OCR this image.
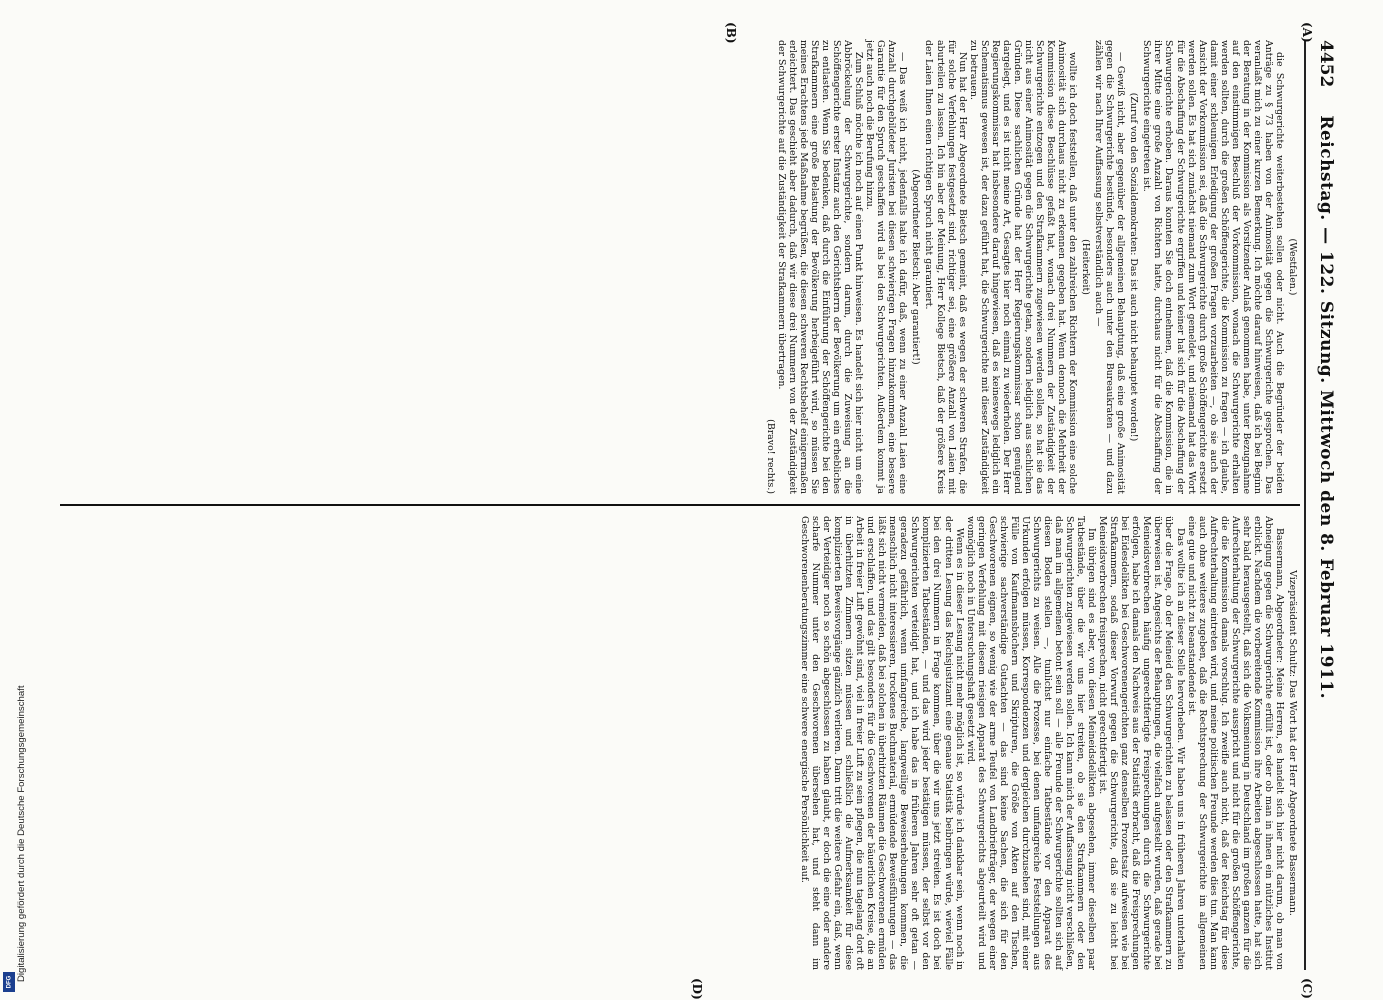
4452
Reichstag. — 122. Sitzung. Mittwoch den 8. Februar 1911.
(A)
(B)
(C)
(D)

(Westfalen.)

die Schwurgerichte weiterbestehen sollen oder nicht. Auch die Begründer der beiden Anträge zu § 73 haben von der Animosität gegen die Schwurgerichte gesprochen. Das veranlaßt mich zu einer kurzen Bemerkung. Ich möchte darauf hinweisen, daß ich bei Beginn der Beratung in der Kommission als Vorsitzender Anlaß genommen habe, unter Bezugnahme auf den einstimmigen Beschluß der Vorkommission, wonach die Schwurgerichte erhalten werden sollten, durch die großen Schöffengerichte, die Kommission zu fragen — ich glaube, damit einer schleunigen Erledigung der großen Fragen vorzuarbeiten —, ob sie auch der Ansicht der Vorkommission sei, daß die Schwurgerichte durch große Schöffengerichte ersetzt werden sollen. Es hat sich zunächst niemand zum Wort gemeldet, und niemand hat das Wort für die Abschaffung der Schwurgerichte ergriffen und keiner hat sich für die Abschaffung der Schwurgerichte erhoben. Daraus konnten Sie doch entnehmen, daß die Kommission, die in ihrer Mitte eine große Anzahl von Richtern hatte, durchaus nicht für die Abschaffung der Schwurgerichte eingetreten ist.

(Zuruf von den Sozialdemokraten: Das ist auch nicht behauptet worden!)

— Gewiß nicht, aber gegenüber der allgemeinen Behauptung, daß eine große Animosität gegen die Schwurgerichte bestünde, besonders auch unter den Bureaukraten — und dazu zählen wir nach Ihrer Auffassung selbstverständlich auch —

(Heiterkeit)

wollte ich doch feststellen, daß unter den zahlreichen Richtern der Kommission eine solche Animosität sich durchaus nicht zu erkennen gegeben hat. Wenn dennoch die Mehrheit der Kommission diese Beschlüsse gefaßt hat, wonach drei Nummern der Zuständigkeit der Schwurgerichte entzogen und den Strafkammern zugewiesen werden sollen, so hat sie das nicht aus einer Animosität gegen die Schwurgerichte getan, sondern lediglich aus sachlichen Gründen. Diese sachlichen Gründe hat der Herr Regierungskommissar schon genügend dargelegt, und es ist nicht meine Art, Gesagtes hier noch einmal zu wiederholen. Der Herr Regierungskommissar hat insbesondere darauf hingewiesen, daß es keineswegs lediglich ein Schematismus gewesen ist, der dazu geführt hat, die Schwurgerichte mit dieser Zuständigkeit zu betrauen.

Nun hat der Herr Abgeordnete Bietsch gemeint, daß es wegen der schweren Strafen, die für solche Verfehlungen festgesetzt sind, richtiger sei, eine größere Anzahl von Laien mit aburteilen zu lassen. Ich bin aber der Meinung, Herr Kollege Bietsch, daß der größere Kreis der Laien Ihnen einen richtigen Spruch nicht garantiert.

(Abgeordneter Bietsch: Aber garantiert!)

— Das weiß ich nicht, jedenfalls halte ich dafür, daß, wenn zu einer Anzahl Laien eine Anzahl durchgebildeter Juristen bei diesen schwierigen Fragen hinzukommen, eine bessere Garantie für den Spruch geschaffen wird als bei den Schwurgerichten. Außerdem kommt ja jetzt auch noch die Berufung hinzu.

Zum Schluß möchte ich noch auf einen Punkt hinweisen. Es handelt sich hier nicht um eine Abbröckelung der Schwurgerichte, sondern darum, durch die Zuweisung an die Schöffengerichte erster Instanz auch den Gerichtsherrn der Bevölkerung um ein erhebliches zu entlasten. Wenn Sie bedenken, daß durch die Einführung der Schöffengerichte bei den Strafkammern eine große Belastung der Bevölkerung herbeigeführt wird, so müssen Sie meines Erachtens jede Maßnahme begrüßen, die diesen schweren Rechtsbehelf einigermaßen erleichtert. Das geschieht aber dadurch, daß wir diese drei Nummern von der Zuständigkeit der Schwurgerichte auf die Zuständigkeit der Strafkammern übertragen.

(Bravo! rechts.)

Vizepräsident Schultz: Das Wort hat der Herr Abgeordnete Bassermann.

Bassermann, Abgeordneter: Meine Herren, es handelt sich hier nicht darum, ob man von Abneigung gegen die Schwurgerichte erfüllt ist, oder ob man in ihnen ein nützliches Institut erblickt. Nachdem die vorbereitende Kommission ihre Arbeiten abgeschlossen hatte, hat sich sehr bald herausgestellt, daß sich die Volksmeinung in Deutschland im großen ganzen für die Aufrechterhaltung der Schwurgerichte ausspricht und nicht für die großen Schöffengerichte, die die Kommission damals vorschlug. Ich zweifle auch nicht, daß der Reichstag für diese Aufrechterhaltung eintreten wird, und meine politischen Freunde werden dies tun. Man kann auch ohne weiteres zugeben, daß die Rechtsprechung der Schwurgerichte im allgemeinen eine gute und nicht zu beanstandende ist.

Das wollte ich an dieser Stelle hervorheben. Wir haben uns in früheren Jahren unterhalten über die Frage, ob der Meineid den Schwurgerichten zu belassen oder den Strafkammern zu überweisen ist. Angesichts der Behauptungen, die vielfach aufgestellt wurden, daß gerade bei Meineidsverbrechen häufig ungerechtfertigte Freisprechungen durch die Schwurgerichte erfolgen, habe ich damals den Nachweis aus der Statistik erbracht, daß die Freisprechungen bei Eidesdelikten bei Geschworenengerichten ganz denselben Prozentsatz aufweisen wie bei Strafkammern, sodaß dieser Vorwurf gegen die Schwurgerichte, daß sie zu leicht bei Meineidsverbrechen freisprechen, nicht gerechtfertigt ist.

Im übrigen sind es aber, von diesen Meineidsdelikten abgesehen, immer dieselben paar Tatbestände, über die wir uns hier streiten, ob sie den Strafkammern oder den Schwurgerichten zugewiesen werden sollen. Ich kann mich der Auffassung nicht verschließen, daß man im allgemeinen betont sein soll — alle Freunde der Schwurgerichte sollten sich auf diesen Boden stellen —, tunlichst nur einfache Tatbestände vor den Apparat des Schwurgerichts zu weisen. Alle die Prozesse, bei denen umfangreiche Feststellungen aus Urkunden erfolgen müssen, Korrespondenzen und dergleichen durchzusehen sind, mit einer Fülle von Kaufmannsbüchern und Skripturen, die Größe von Akten auf den Tischen, schwierige sachverständige Gutachten — das sind keine Sachen, die sich für den Geschworenen eignen, so wenig wie der arme Teufel von Landbriefträger, der wegen einer geringen Verfehlung mit diesem riesigen Apparat des Schwurgerichts abgeurteilt wird und womöglich noch in Untersuchungshaft gesetzt wird.

Wenn es in dieser Lesung nicht mehr möglich ist, so würde ich dankbar sein, wenn noch in der dritten Lesung das Reichsjustizamt eine genaue Statistik beibringen würde, wieviel Fälle bei den drei Nummern in Frage kommen, über die wir uns jetzt streiten. Es ist doch bei komplizierten Tatbeständen, — und das wird jeder bestätigen müssen, der selbst vor den Schwurgerichten verteidigt hat, und ich habe das in früheren Jahren sehr oft getan — geradezu gefährlich, wenn umfangreiche, langweilige Beweiserhebungen kommen, die menschlich nicht interessieren, trockenes Buchmaterial, ermüdende Beweisführungen — das läßt sich nicht vermeiden, daß bei solchen in überhitzten Räumen die Geschworenen ermüden und erschlaffen, und das gilt besonders für die Geschworenen der bäuerlichen Kreise, die an Arbeit in freier Luft gewöhnt sind, viel in freier Luft zu sein pflegen, die nun tagelang dort oft in überhitzten Zimmern sitzen müssen und schließlich die Aufmerksamkeit für diese komplizierten Beweisvorgänge gänzlich verlieren. Dann tritt die weitere Gefahr ein, daß, wenn der Verteidiger noch so schön abgeschlossen zu haben glaubt, er doch die eine oder andere scharfe Nummer unter den Geschworenen übersehen hat, und steht dann im Geschworenenberatungszimmer eine schwere energische Persönlichkeit auf.

Digitalisierung gefördert durch die Deutsche Forschungsgemeinschaft
DFG
